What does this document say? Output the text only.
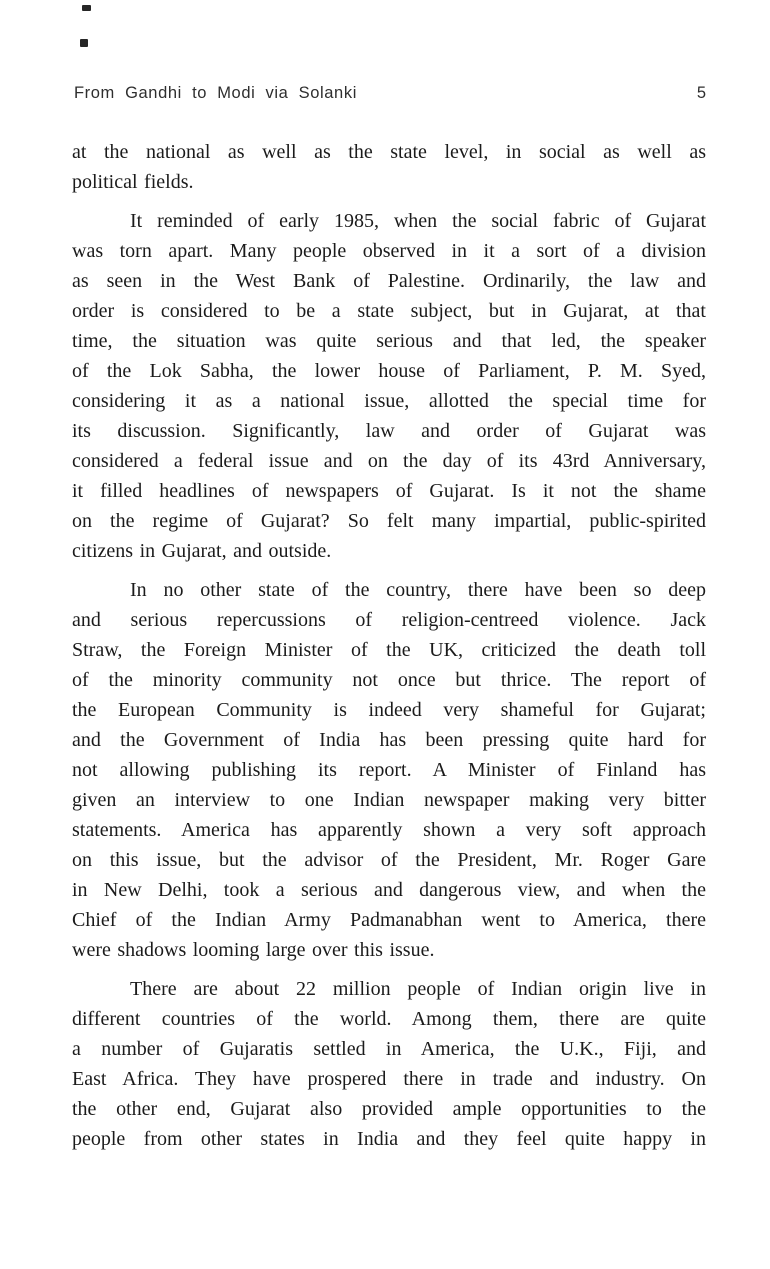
From Gandhi to Modi via Solanki	5
at the national as well as the state level, in social as well as
political fields.
It reminded of early 1985, when the social fabric of Gujarat
was torn apart. Many people observed in it a sort of a division
as seen in the West Bank of Palestine. Ordinarily, the law and
order is considered to be a state subject, but in Gujarat, at that
time, the situation was quite serious and that led, the speaker
of the Lok Sabha, the lower house of Parliament, P. M. Syed,
considering it as a national issue, allotted the special time for
its discussion. Significantly, law and order of Gujarat was
considered a federal issue and on the day of its 43rd Anniversary,
it filled headlines of newspapers of Gujarat. Is it not the shame
on the regime of Gujarat? So felt many impartial, public-spirited
citizens in Gujarat, and outside.
In no other state of the country, there have been so deep
and serious repercussions of religion-centreed violence. Jack
Straw, the Foreign Minister of the UK, criticized the death toll
of the minority community not once but thrice. The report of
the European Community is indeed very shameful for Gujarat;
and the Government of India has been pressing quite hard for
not allowing publishing its report. A Minister of Finland has
given an interview to one Indian newspaper making very bitter
statements. America has apparently shown a very soft approach
on this issue, but the advisor of the President, Mr. Roger Gare
in New Delhi, took a serious and dangerous view, and when the
Chief of the Indian Army Padmanabhan went to America, there
were shadows looming large over this issue.
There are about 22 million people of Indian origin live in
different countries of the world. Among them, there are quite
a number of Gujaratis settled in America, the U.K., Fiji, and
East Africa. They have prospered there in trade and industry. On
the other end, Gujarat also provided ample opportunities to the
people from other states in India and they feel quite happy in
